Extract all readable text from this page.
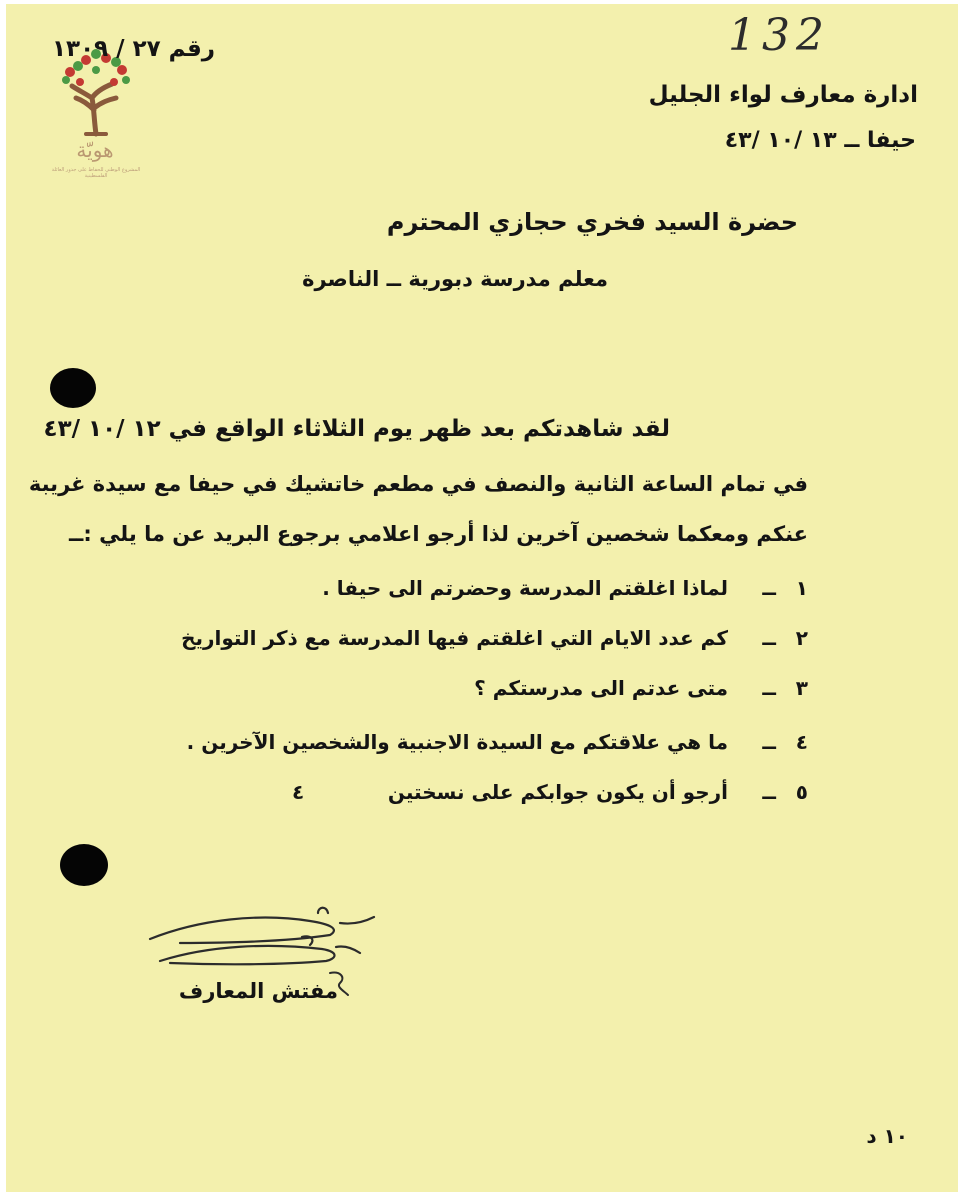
132
هويّة
المشروع الوطني للحفاظ على جذور العائلة الفلسطينية
رقم ٢٧ / ١٣٠٩
ادارة معارف لواء الجليل
حيفا ــ ١٣ /١٠ /٤٣
حضرة السيد فخري حجازي المحترم
معلم مدرسة دبورية ــ الناصرة
لقد شاهدتكم بعد ظهر يوم الثلاثاء الواقع في ١٢ /١٠ /٤٣
في تمام الساعة الثانية والنصف في مطعم خاتشيك في حيفا مع سيدة غريبة
عنكم ومعكما شخصين آخرين لذا أرجو اعلامي برجوع البريد عن ما يلي :ــ
١
ــ
لماذا اغلقتم المدرسة وحضرتم الى حيفا .
٢
ــ
كم عدد الايام التي اغلقتم فيها المدرسة مع ذكر التواريخ
٣
ــ
متى عدتم الى مدرستكم ؟
٤
ــ
ما هي علاقتكم مع السيدة الاجنبية والشخصين الآخرين .
٥
ــ
أرجو أن يكون جوابكم على نسختين
٤
مفتش المعارف
١٠ د
